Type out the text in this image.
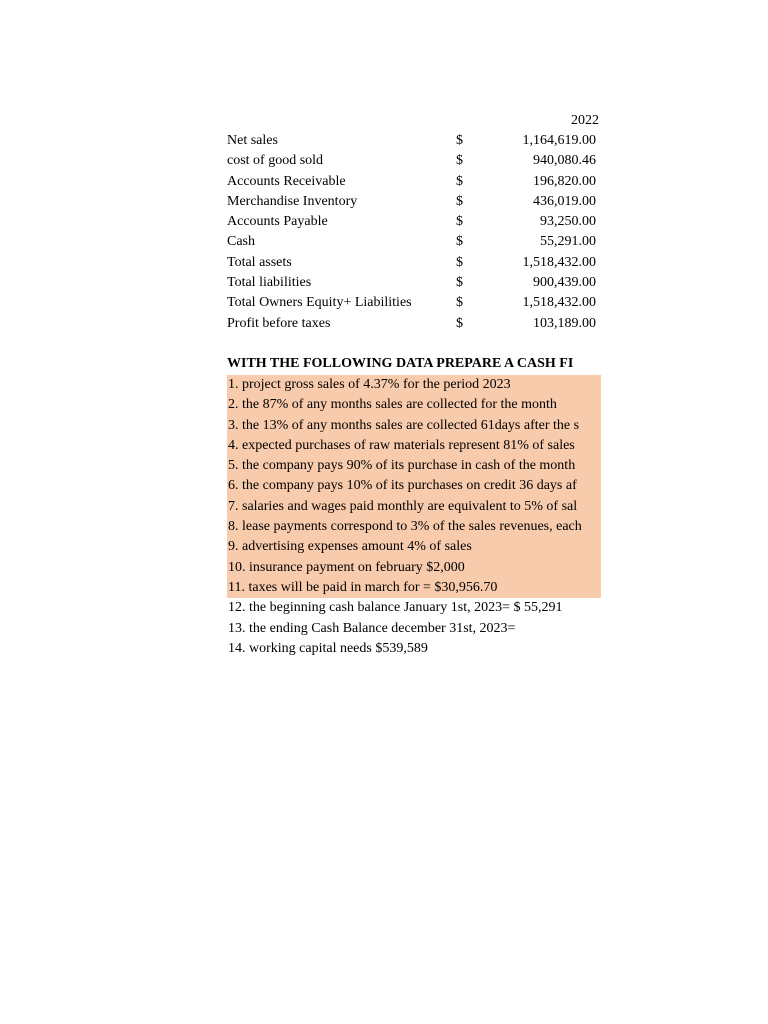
2022
Net sales	$	1,164,619.00
cost of good sold	$	940,080.46
Accounts Receivable	$	196,820.00
Merchandise Inventory	$	436,019.00
Accounts Payable	$	93,250.00
Cash	$	55,291.00
Total assets	$	1,518,432.00
Total liabilities	$	900,439.00
Total Owners Equity+ Liabilities	$	1,518,432.00
Profit before taxes	$	103,189.00
WITH THE FOLLOWING DATA PREPARE A CASH FI
1. project gross sales of 4.37% for the period 2023
2. the 87% of any months sales are collected for the month
3. the 13% of any months sales are collected 61days after the s
4. expected purchases of raw materials represent 81% of sales
5. the company pays 90% of its purchase in cash of the month
6. the company pays 10% of its purchases on credit 36 days af
7. salaries and wages paid monthly are equivalent to 5% of sal
8. lease payments correspond to 3% of the sales revenues, each
9. advertising expenses amount 4% of sales
10. insurance payment on february $2,000
11. taxes will be paid in march for = $30,956.70
12. the beginning cash balance January 1st, 2023= $ 55,291
13. the ending Cash Balance december 31st, 2023=
14. working capital needs $539,589
